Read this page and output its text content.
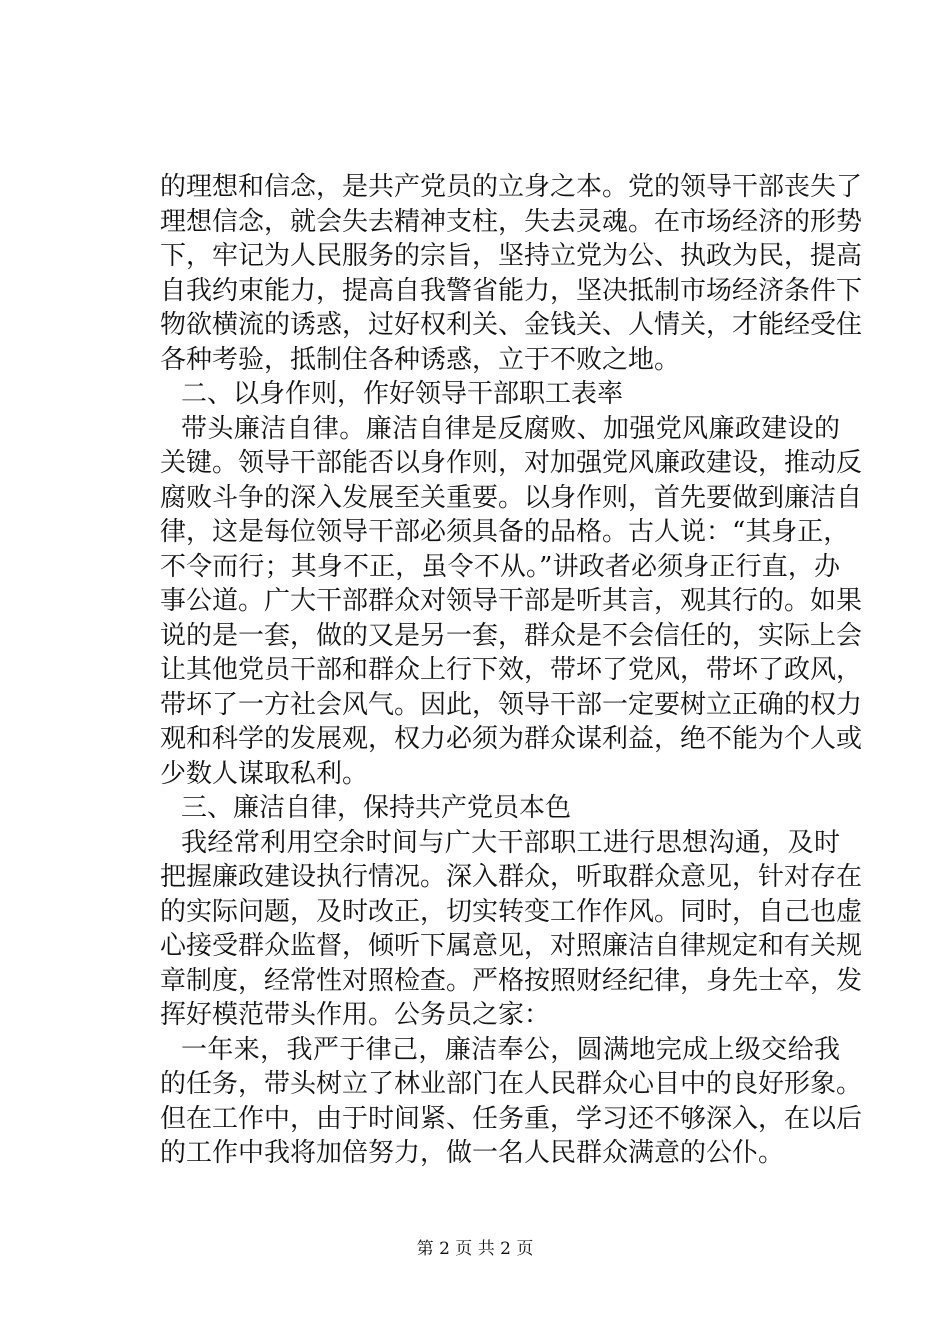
的理想和信念，是共产党员的立身之本。党的领导干部丧失了
理想信念，就会失去精神支柱，失去灵魂。在市场经济的形势
下，牢记为人民服务的宗旨，坚持立党为公、执政为民，提高
自我约束能力，提高自我警省能力，坚决抵制市场经济条件下
物欲横流的诱惑，过好权利关、金钱关、人情关，才能经受住
各种考验，抵制住各种诱惑，立于不败之地。
二、以身作则，作好领导干部职工表率
带头廉洁自律。廉洁自律是反腐败、加强党风廉政建设的
关键。领导干部能否以身作则，对加强党风廉政建设，推动反
腐败斗争的深入发展至关重要。以身作则，首先要做到廉洁自
律，这是每位领导干部必须具备的品格。古人说：“其身正，
不令而行；其身不正，虽令不从。”讲政者必须身正行直，办
事公道。广大干部群众对领导干部是听其言，观其行的。如果
说的是一套，做的又是另一套，群众是不会信任的，实际上会
让其他党员干部和群众上行下效，带坏了党风，带坏了政风，
带坏了一方社会风气。因此，领导干部一定要树立正确的权力
观和科学的发展观，权力必须为群众谋利益，绝不能为个人或
少数人谋取私利。
三、廉洁自律，保持共产党员本色
我经常利用空余时间与广大干部职工进行思想沟通，及时
把握廉政建设执行情况。深入群众，听取群众意见，针对存在
的实际问题，及时改正，切实转变工作作风。同时，自己也虚
心接受群众监督，倾听下属意见，对照廉洁自律规定和有关规
章制度，经常性对照检查。严格按照财经纪律，身先士卒，发
挥好模范带头作用。公务员之家：
一年来，我严于律己，廉洁奉公，圆满地完成上级交给我
的任务，带头树立了林业部门在人民群众心目中的良好形象。
但在工作中，由于时间紧、任务重，学习还不够深入，在以后
的工作中我将加倍努力，做一名人民群众满意的公仆。
第 2 页 共 2 页
